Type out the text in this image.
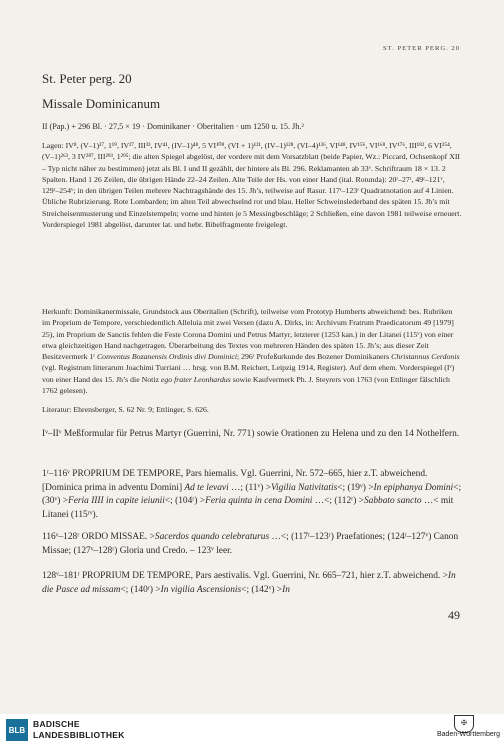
ST. PETER PERG. 20
St. Peter perg. 20
Missale Dominicanum
II (Pap.) + 296 Bl. · 27,5 × 19 · Dominikaner · Oberitalien · um 1250 u. 15. Jh.²
Lagen: IV⁸, (V–1)¹⁷, 1¹⁹, IV²⁷, III³³, IV⁴¹, (IV–1)⁴⁸, 5 VI¹⁰⁸, (VI + 1)¹²¹, (IV–1)¹²⁸, (VI–4)¹³⁶, VI¹⁴⁸, IV¹⁵⁶, VI¹⁶⁸, IV¹⁷⁶, III¹⁸², 6 VI²⁵⁴, (V–1)²⁶³, 3 IV²⁸⁷, III²⁹³, 1²⁹⁵; die alten Spiegel abgelöst, der vordere mit dem Vorsatzblatt (beide Papier, Wz.: Piccard, Ochsenkopf XII – Typ nicht näher zu bestimmen) jetzt als Bl. I und II gezählt, der hintere als Bl. 296. Reklamanten ab 33ᵛ. Schriftraum 18 × 13. 2 Spalten. Hand 1 26 Zeilen, die übrigen Hände 22–24 Zeilen. Alte Teile der Hs. von einer Hand (ital. Rotunda): 20ʳ–27ʳ, 49ʳ–121ᵛ, 129ʳ–254ᵛ; in den übrigen Teilen mehrere Nachtragshände des 15. Jh’s, teilweise auf Rasur. 117ʳ–123ʳ Quadratnotation auf 4 Linien. Übliche Rubrizierung. Rote Lombarden; im alten Teil abwechselnd rot und blau. Heller Schweinslederband des späten 15. Jh’s mit Streicheisenmusterung und Einzelstempeln; vorne und hinten je 5 Messingbeschläge; 2 Schließen, eine davon 1981 teilweise erneuert. Vorderspiegel 1981 abgelöst, darunter lat. und hebr. Bibelfragmente freigelegt.
Herkunft: Dominikanermissale, Grundstock aus Oberitalien (Schrift), teilweise vom Prototyp Humberts abweichend: bes. Rubriken im Proprium de Tempore, verschiedentlich Alleluia mit zwei Versen (dazu A. Dirks, in: Archivum Fratrum Praedicatorum 49 [1979] 25), im Proprium de Sanctis fehlen die Feste Corona Domini und Petrus Martyr, letzterer (1253 kan.) in der Litanei (115ᵛ) von einer etwa gleichzeitigen Hand nachgetragen. Überarbeitung des Textes von mehreren Händen des späten 15. Jh’s; aus dieser Zeit Besitzvermerk 1ʳ Conventus Bozanensis Ordinis divi Dominici; 296ʳ Profeßurkunde des Bozener Dominikaners Christannus Cerdonis (vgl. Registrum litterarum Joachimi Turriani … hrsg. von B.M. Reichert, Leipzig 1914, Register). Auf dem ehem. Vorderspiegel (Iᵛ) von einer Hand des 15. Jh’s die Notiz ego frater Leonhardus sowie Kaufvermerk Ph. J. Steyrers von 1763 (von Ettlinger fälschlich 1762 gelesen).
Literatur: Ehrensberger, S. 62 Nr. 9; Ettlinger, S. 626.
Iᵛ–IIᵛ Meßformular für Petrus Martyr (Guerrini, Nr. 771) sowie Orationen zu Helena und zu den 14 Nothelfern.
1ʳ–116ᵛ PROPRIUM DE TEMPORE, Pars hiemalis. Vgl. Guerrini, Nr. 572–665, hier z.T. abweichend. [Dominica prima in adventu Domini] Ad te levavi …; (11ᵛ) >Vigilia Nativitatis<; (19ᵛ) >In epiphanya Domini<; (30ᵛ) >Feria IIII in capite ieiunii<; (104ʳ) >Feria quinta in cena Domini …<; (112ʳ) >Sabbato sancto …< mit Litanei (115ʳᵛ).
116ᵛ–128ʳ ORDO MISSAE. >Sacerdos quando celebraturus …<; (117ʳ–123ʳ) Praefationes; (124ʳ–127ᵛ) Canon Missae; (127ᵛ–128ʳ) Gloria und Credo. – 123ᵛ leer.
128ᵛ–181ʳ PROPRIUM DE TEMPORE, Pars aestivalis. Vgl. Guerrini, Nr. 665–721, hier z.T. abweichend. >In die Pasce ad missam<; (140ʳ) >In vigilia Ascensionis<; (142ᵛ) >In
49
BLB
BADISCHE
LANDESBIBLIOTHEK
✠
Baden-Württemberg
